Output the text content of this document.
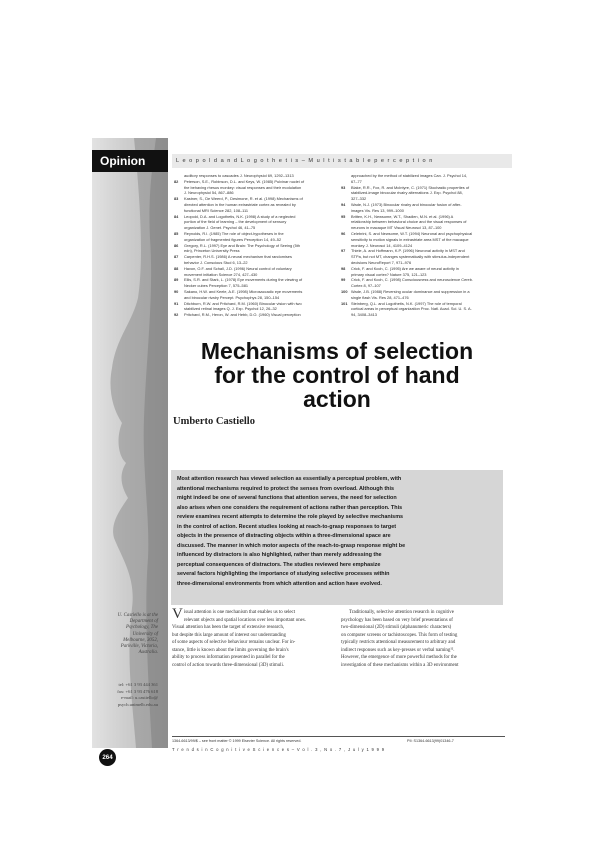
Opinion	L e o p o l d a n d L o g o t h e t i s – M u l t i s t a b l e p e r c e p t i o n
auditory responses to cascades J. Neurophysiol 69, 1292–1313
82	Peterson, S.E., Robinson, D.L. and Keys, W. (1985) Pulvinar nuclei of
the behaving rhesus monkey: visual responses and their modulation
J. Neurophysiol 54, 867–886
83	Kastner, S., De Weerd, P., Desimone, R. et al. (1998) Mechanisms of
directed attention in the human extrastriate cortex as revealed by
functional MRI Science 282, 108–111
84	Leopold, D.A. and Logothetis, N.K. (1998) A study of a neglected
portion of the field of learning – the development of sensory
organization J. Genet. Psychol 46, 41–75
85	Reynolds, R.I. (1985) The role of object-hypotheses in the
organization of fragmented figures Perception 14, 49–52
86	Gregory, R.L. (1997) Eye and Brain: The Psychology of Seeing (5th
edn), Princeton University Press
87	Carpenter, R.H.S. (1986) A neural mechanism that randomises
behavior J. Conscious Stud 6, 13–22
88	Havon, O.F. and Schall, J.D. (1996) Neural control of voluntary
movement initiation Science 274, 427–430
89	Ellis, S.R. and Stark, L. (1978) Eye movements during the viewing of
Necker cubes Perception 7, 575–581
90	Sakano, H.W. and Keele, A.E. (1998) Microsaccadic eye movements
and binocular rivalry Percept. Psychophys 28, 150–154
91	Ditchburn, R.W. and Pritchard, R.M. (1960) Binocular vision with two
stabilized retinal images Q. J. Exp. Psychol 12, 26–32
92	Pritchard, R.M., Heron, W. and Hebb, D.O. (1960) Visual perception
approached by the method of stabilized images Can. J. Psychol 14,
67–77
93	Blake, R.R., Fox, R. and McIntyre, C. (1971) Stochastic properties of
stabilized-image binocular rivalry alternations J. Exp. Psychol 88,
327–332
94	Wade, N.J. (1973) Binocular rivalry and binocular fusion of after-
images Vis. Res 13, 999–1000
95	Britten, K.H., Newsome, W.T., Shadlen, M.N. et al. (1996) A
relationship between behavioral choice and the visual responses of
neurons in macaque MT Visual Neurosci 13, 87–100
96	Celebrini, S. and Newsome, W.T. (1994) Neuronal and psychophysical
sensitivity to motion signals in extrastriate area MST of the macaque
monkey J. Neurosci 14, 4109–4124
97	Thiele, A. and Hoffmann, K.P. (1996) Neuronal activity in MST and
STPa, but not MT, changes systematically with stimulus-independent
decisions NeuroReport 7, 971–976
98	Crick, F. and Koch, C. (1995) Are we aware of neural activity in
primary visual cortex? Nature 375, 121–123
99	Crick, F. and Koch, C. (1998) Consciousness and neuroscience Cereb.
Cortex 8, 97–107
100 Wade, J.B. (1988) Reversing ocular dominance and suppression in a
single flash Vis. Res 28, 471–476
101 Steinberg, Q.L. and Logothetis, N.K. (1997) The role of temporal
cortical areas in perceptual organization Proc. Natl. Acad. Sci. U. S. A.
94, 3408–3413
Mechanisms of selection
for the control of hand
action
Umberto Castiello
Most attention research has viewed selection as essentially a perceptual problem, with
attentional mechanisms required to protect the senses from overload. Although this
might indeed be one of several functions that attention serves, the need for selection
also arises when one considers the requirement of actions rather than perception. This
review examines recent attempts to determine the role played by selective mechanisms
in the control of action. Recent studies looking at reach-to-grasp responses to target
objects in the presence of distracting objects within a three-dimensional space are
discussed. The manner in which motor aspects of the reach-to-grasp response might be
influenced by distractors is also highlighted, rather than merely addressing the
perceptual consequences of distractors. The studies reviewed here emphasize
several factors highlighting the importance of studying selective processes within
three-dimensional environments from which attention and action have evolved.
V isual attention is one mechanism that enables us to select
relevant objects and spatial locations over less important ones.
Visual attention has been the target of extensive research,
but despite this large amount of interest our understanding
of some aspects of selective behaviour remains unclear. For in-
stance, little is known about the limits governing the brain's
ability to process information presented in parallel for the
control of action towards three-dimensional (3D) stimuli.
Traditionally, selective attention research in cognitive
psychology has been based on very brief presentations of
two-dimensional (2D) stimuli (alphanumeric characters)
on computer screens or tachistoscopes. This form of testing
typically restricts attentional measurement to arbitrary and
indirect responses such as key-presses or verbal naming¹².
However, the emergence of more powerful methods for the
investigation of these mechanisms within a 3D environment
U. Castiello is at the
Department of
Psychology, The
University of
Melbourne, 3052,
Parkville, Victoria,
Australia.
tel: +61 3 93 444 361
fax: +61 3 93 476 618
e-mail: u.castiello@
psych.unimelb.edu.au
264
1364-6613/99/$ – see front matter © 1999 Elsevier Science. All rights reserved.	PII: S1364-6613(99)01346-7
T r e n d s i n C o g n i t i v e S c i e n c e s – V o l . 3 , N o . 7 , J u l y 1 9 9 9
